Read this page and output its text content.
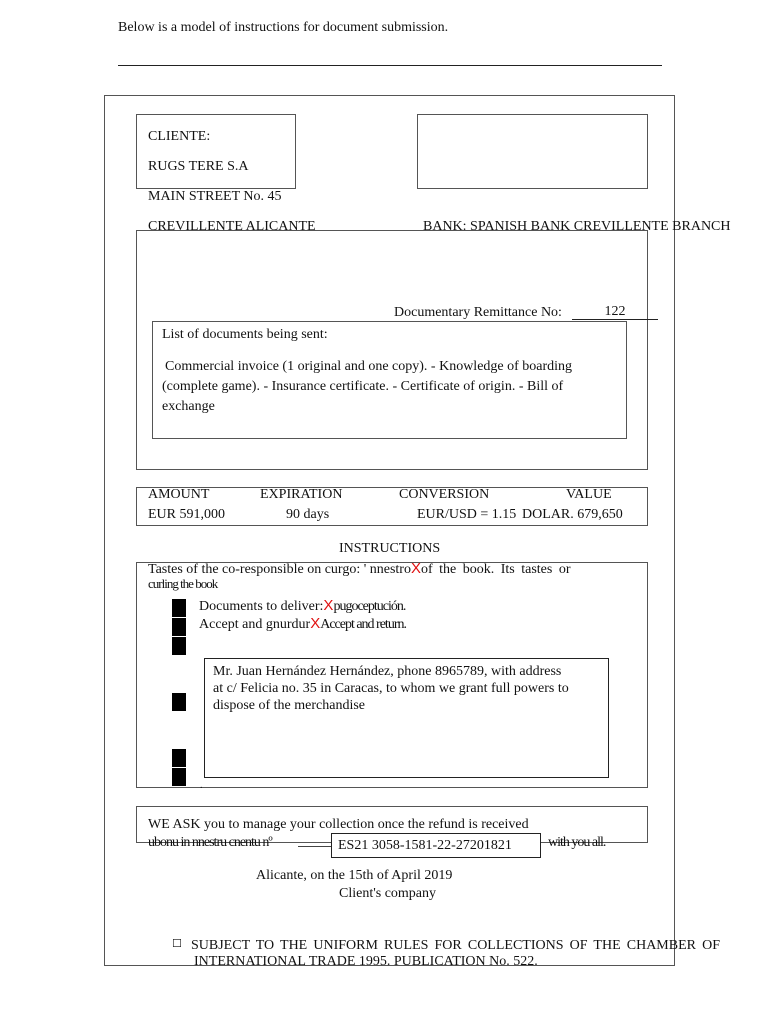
Below is a model of instructions for document submission.
CLIENTE:
RUGS TERE S.A
MAIN STREET No. 45
CREVILLENTE ALICANTE	BANK: SPANISH BANK CREVILLENTE BRANCH
Documentary Remittance No:	122
List of documents being sent:
Commercial invoice (1 original and one copy). - Knowledge of boarding (complete game). - Insurance certificate. - Certificate of origin. - Bill of exchange
AMOUNT	EXPIRATION	CONVERSION	VALUE
EUR 591,000	90 days	EUR/USD = 1.15 DOLAR. 679,650
INSTRUCTIONS
Tastes of the co-responsible on curgo: ' nnestroXof the book. Its tastes or
curling the book
Documents to deliver:Xpugoceptución.
Accept and gnurdurXAccept and return.
Mr. Juan Hernández Hernández, phone 8965789, with address at c/ Felicia no. 35 in Caracas, to whom we grant full powers to dispose of the merchandise
.
WE ASK you to manage your collection once the refund is received
ubonu in nnestru cnentu nº	ES21 3058-1581-22-27201821	with you all.
Alicante, on the 15th of April 2019
Client's company
☐ SUBJECT TO THE UNIFORM RULES FOR COLLECTIONS OF THE CHAMBER OF
INTERNATIONAL TRADE 1995. PUBLICATION No. 522.
